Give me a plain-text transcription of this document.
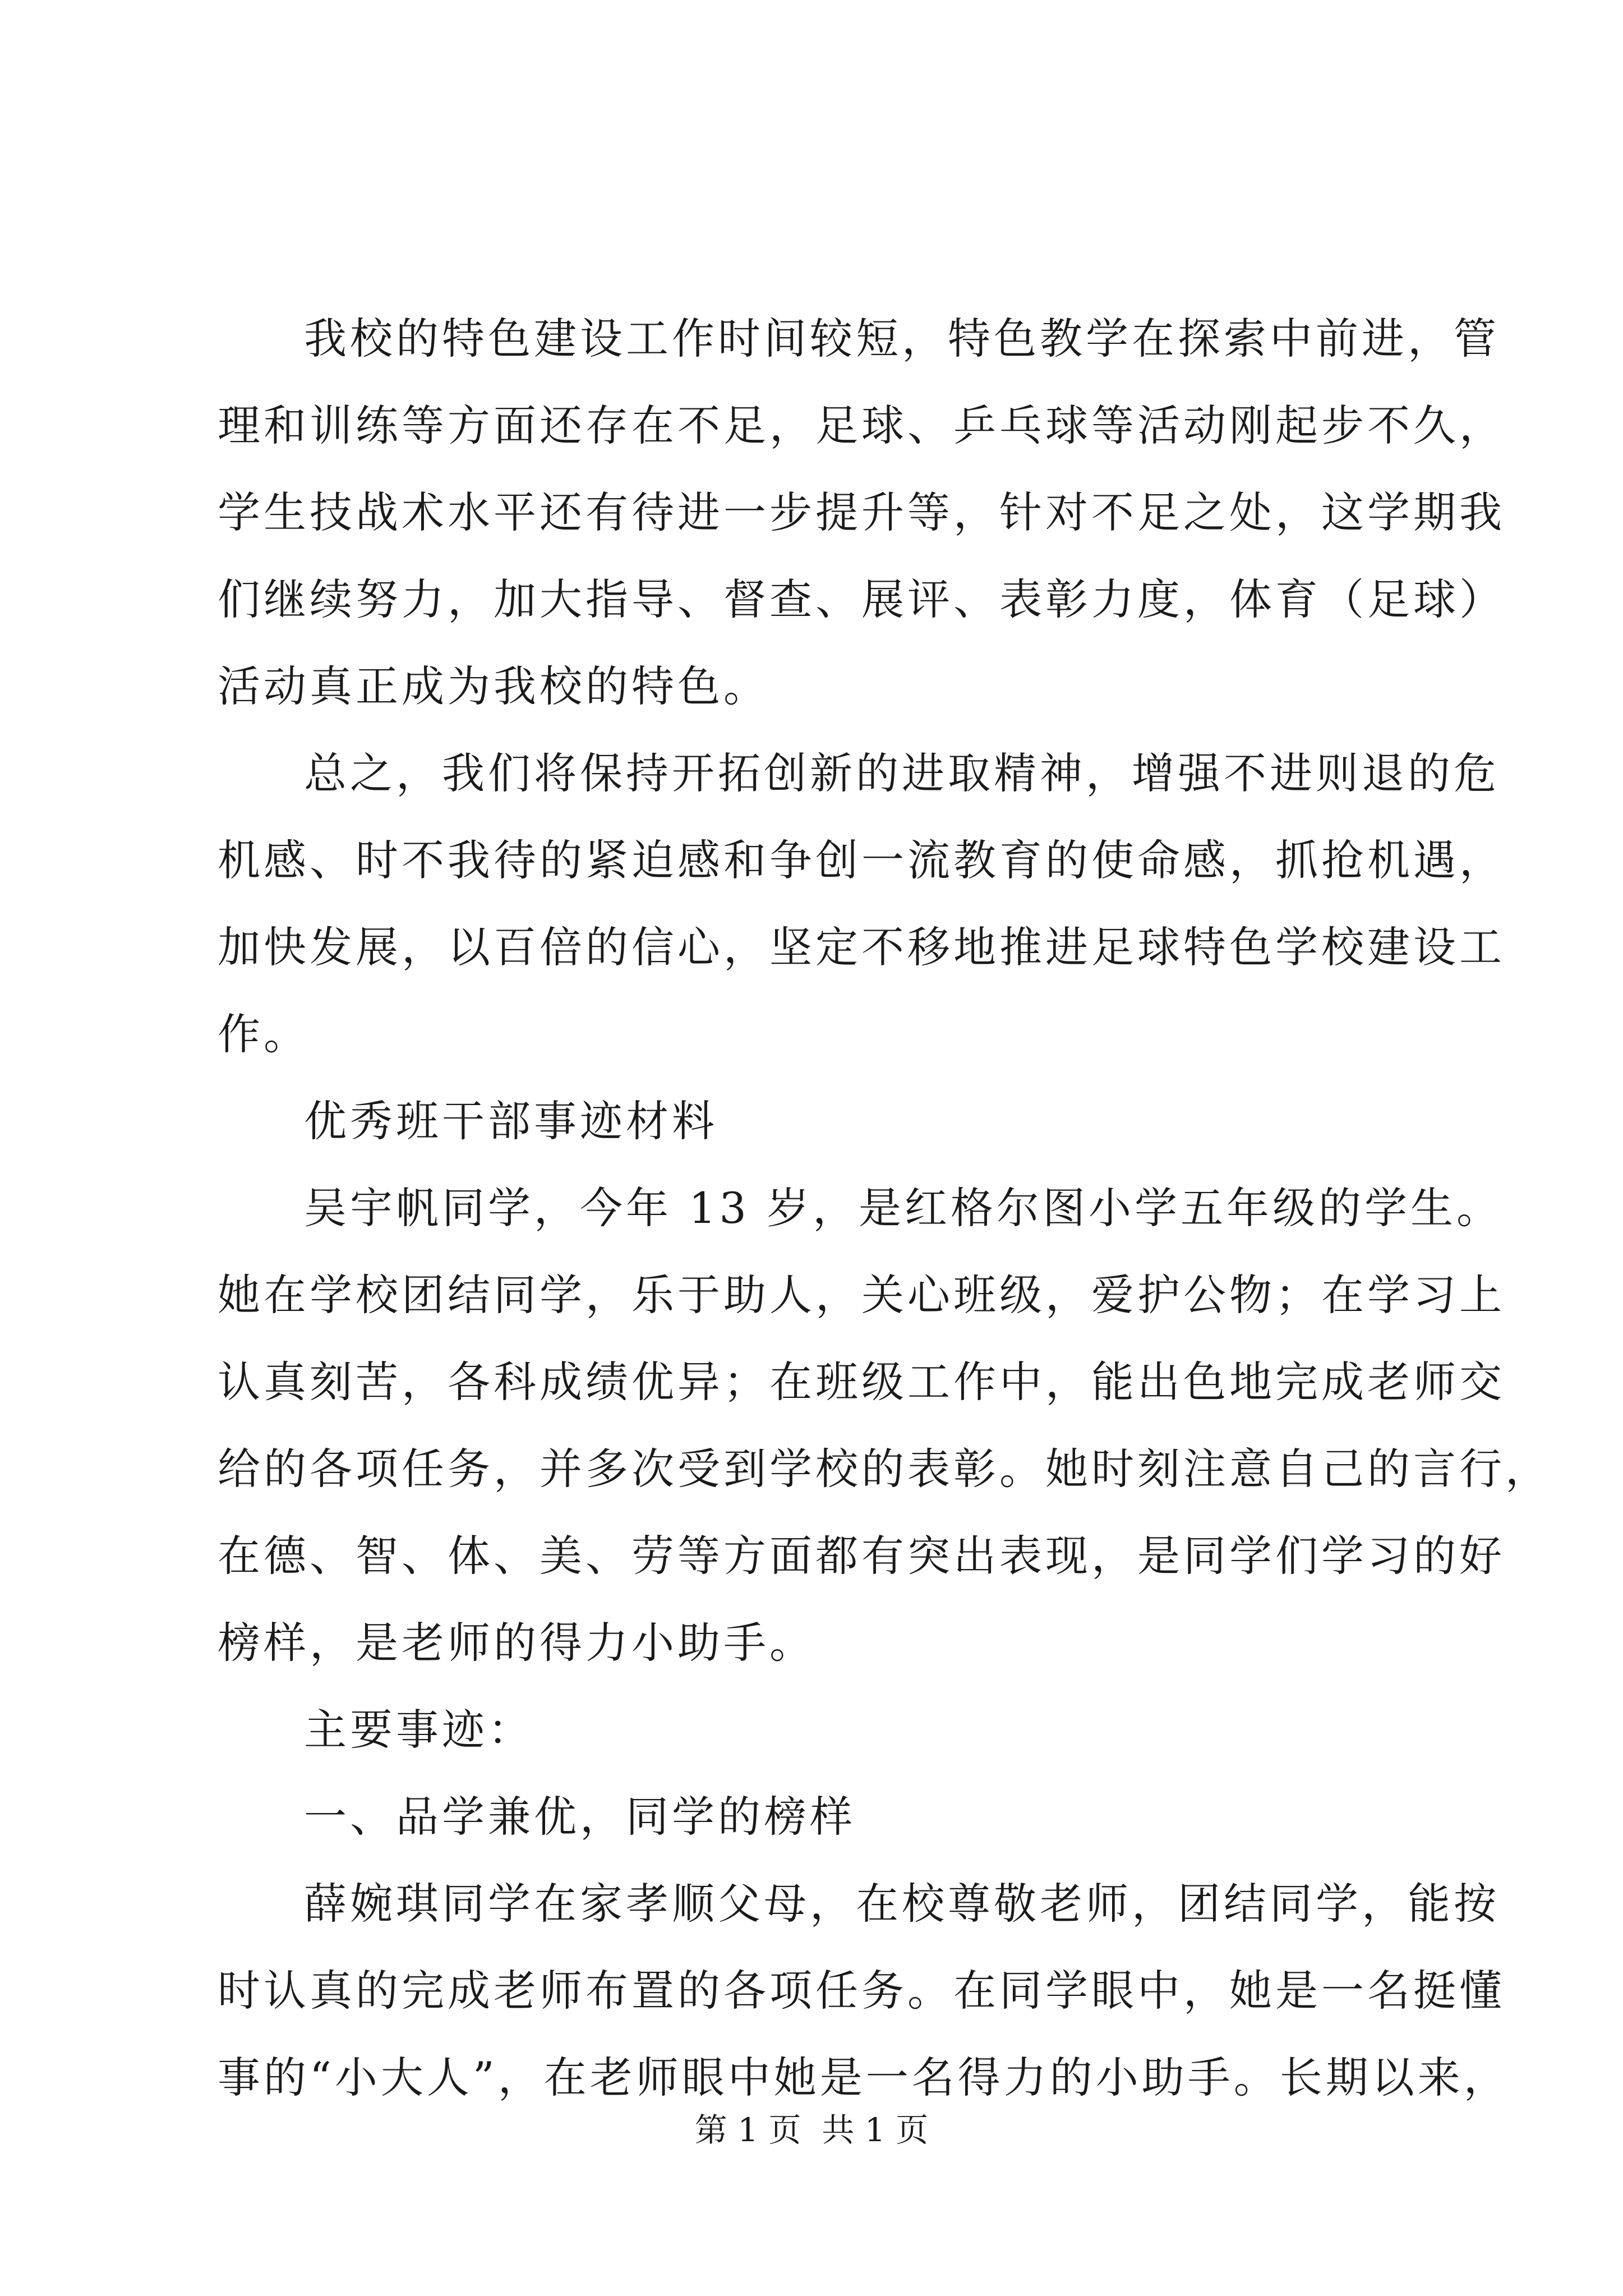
我校的特色建设工作时间较短，特色教学在探索中前进，管
理和训练等方面还存在不足，足球、乒乓球等活动刚起步不久，
学生技战术水平还有待进一步提升等，针对不足之处，这学期我
们继续努力，加大指导、督查、展评、表彰力度，体育（足球）
活动真正成为我校的特色。
总之，我们将保持开拓创新的进取精神，增强不进则退的危
机感、时不我待的紧迫感和争创一流教育的使命感，抓抢机遇，
加快发展，以百倍的信心，坚定不移地推进足球特色学校建设工
作。
优秀班干部事迹材料
吴宇帆同学，今年 13 岁，是红格尔图小学五年级的学生。
她在学校团结同学，乐于助人，关心班级，爱护公物；在学习上
认真刻苦，各科成绩优异；在班级工作中，能出色地完成老师交
给的各项任务，并多次受到学校的表彰。她时刻注意自己的言行，
在德、智、体、美、劳等方面都有突出表现，是同学们学习的好
榜样，是老师的得力小助手。
主要事迹：
一、品学兼优，同学的榜样
薛婉琪同学在家孝顺父母，在校尊敬老师，团结同学，能按
时认真的完成老师布置的各项任务。在同学眼中，她是一名挺懂
事的“小大人”，在老师眼中她是一名得力的小助手。长期以来，
第 1 页  共 1 页
